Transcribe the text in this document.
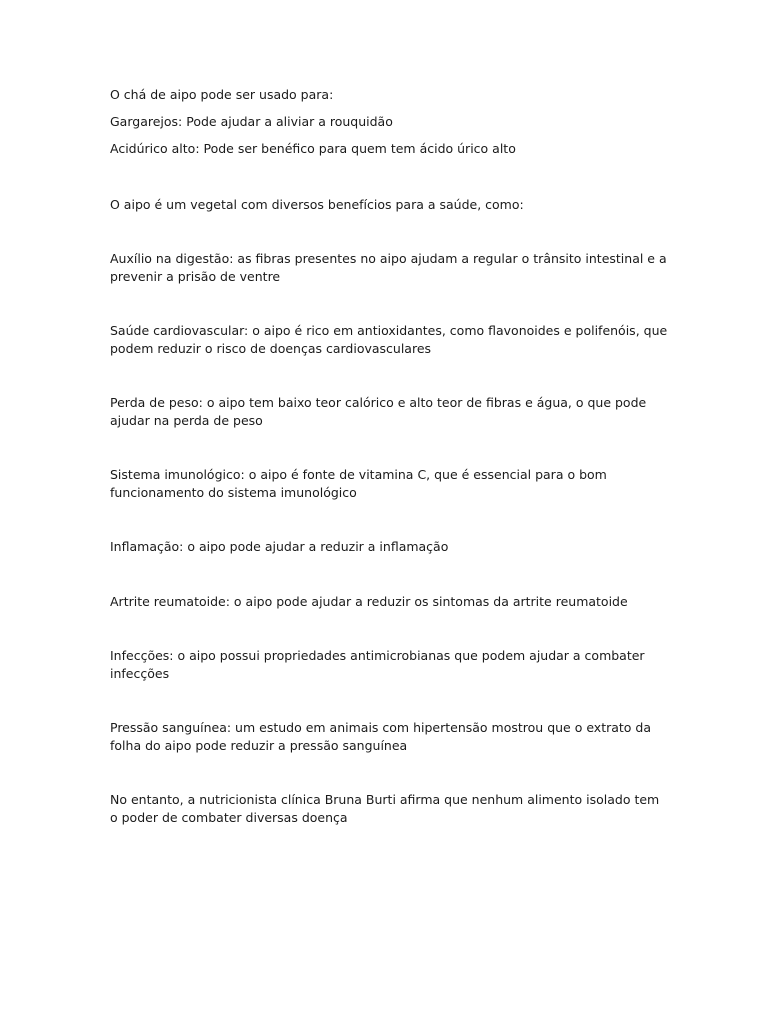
O chá de aipo pode ser usado para:

Gargarejos: Pode ajudar a aliviar a rouquidão

Acidúrico alto: Pode ser benéfico para quem tem ácido úrico alto

O aipo é um vegetal com diversos benefícios para a saúde, como:

Auxílio na digestão: as fibras presentes no aipo ajudam a regular o trânsito intestinal e a prevenir a prisão de ventre

Saúde cardiovascular: o aipo é rico em antioxidantes, como flavonoides e polifenóis, que podem reduzir o risco de doenças cardiovasculares

Perda de peso: o aipo tem baixo teor calórico e alto teor de fibras e água, o que pode ajudar na perda de peso

Sistema imunológico: o aipo é fonte de vitamina C, que é essencial para o bom funcionamento do sistema imunológico

Inflamação: o aipo pode ajudar a reduzir a inflamação

Artrite reumatoide: o aipo pode ajudar a reduzir os sintomas da artrite reumatoide

Infecções: o aipo possui propriedades antimicrobianas que podem ajudar a combater infecções

Pressão sanguínea: um estudo em animais com hipertensão mostrou que o extrato da folha do aipo pode reduzir a pressão sanguínea

No entanto, a nutricionista clínica Bruna Burti afirma que nenhum alimento isolado tem o poder de combater diversas doença
